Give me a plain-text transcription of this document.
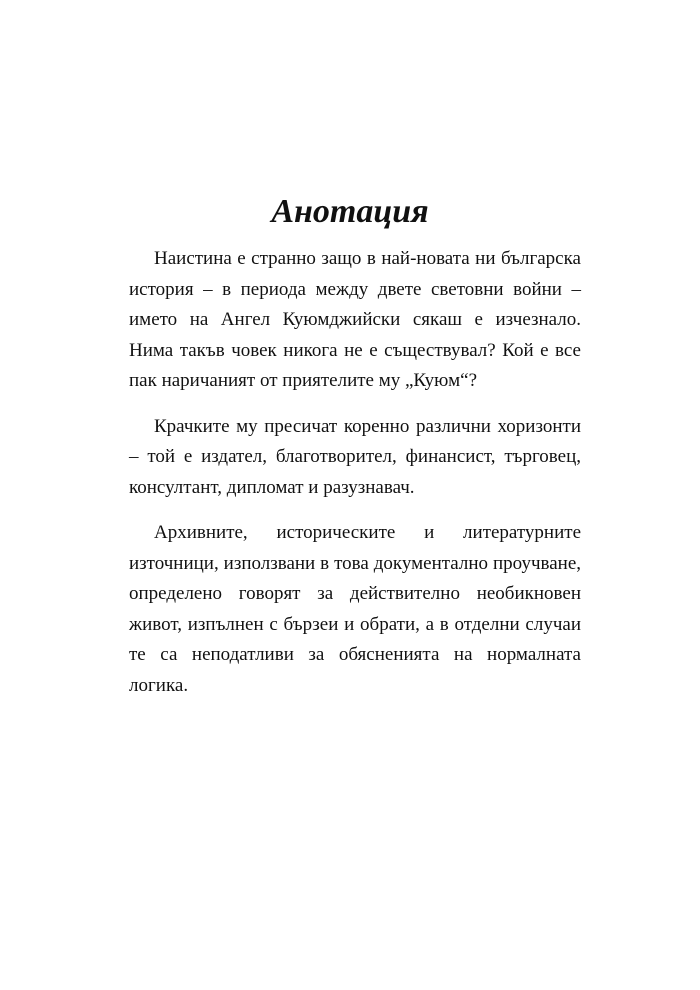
Анотация

Наистина е странно защо в най-новата ни българска история – в периода между двете световни войни – името на Ангел Куюмджийски сякаш е изчезнало. Нима такъв човек никога не е съществувал? Кой е все пак наричаният от приятелите му „Куюм“?

Крачките му пресичат коренно различни хоризонти – той е издател, благотворител, финансист, търговец, консултант, дипломат и разузнавач.

Архивните, историческите и литературните източници, използвани в това документално проучване, определено говорят за действително необикновен живот, изпълнен с бързеи и обрати, а в отделни случаи те са неподатливи за обясненията на нормалната логика.
